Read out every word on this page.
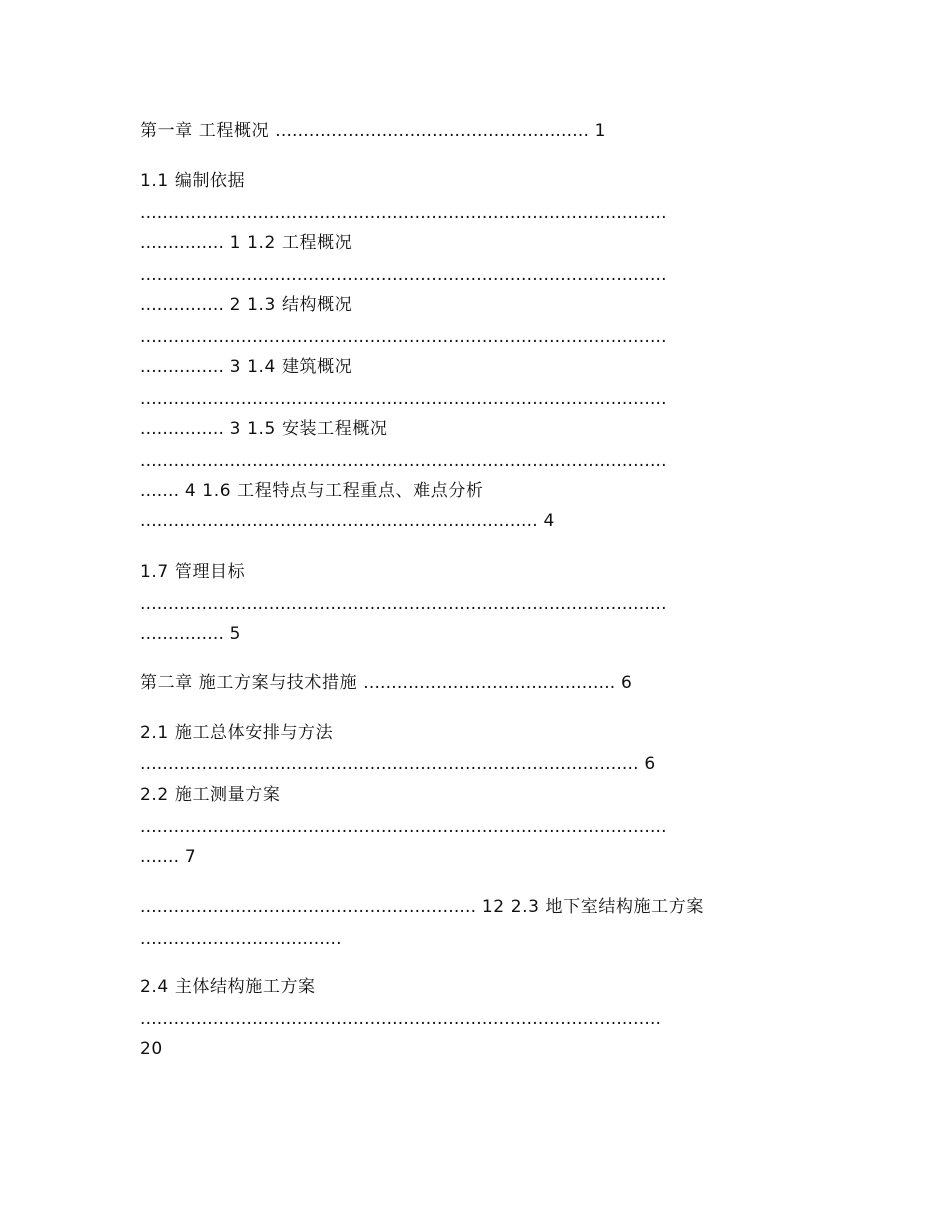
第一章 工程概况 ........................................................ 1
1.1 编制依据
..............................................................................................
............... 1 1.2 工程概况
..............................................................................................
............... 2 1.3 结构概况
..............................................................................................
............... 3 1.4 建筑概况
..............................................................................................
............... 3 1.5 安装工程概况
..............................................................................................
....... 4 1.6 工程特点与工程重点、难点分析
....................................................................... 4
1.7 管理目标
..............................................................................................
............... 5
第二章 施工方案与技术措施 ............................................. 6
2.1 施工总体安排与方法
......................................................................................... 6
2.2 施工测量方案
..............................................................................................
....... 7
............................................................ 12 2.3 地下室结构施工方案
....................................
2.4 主体结构施工方案
.............................................................................................
20
